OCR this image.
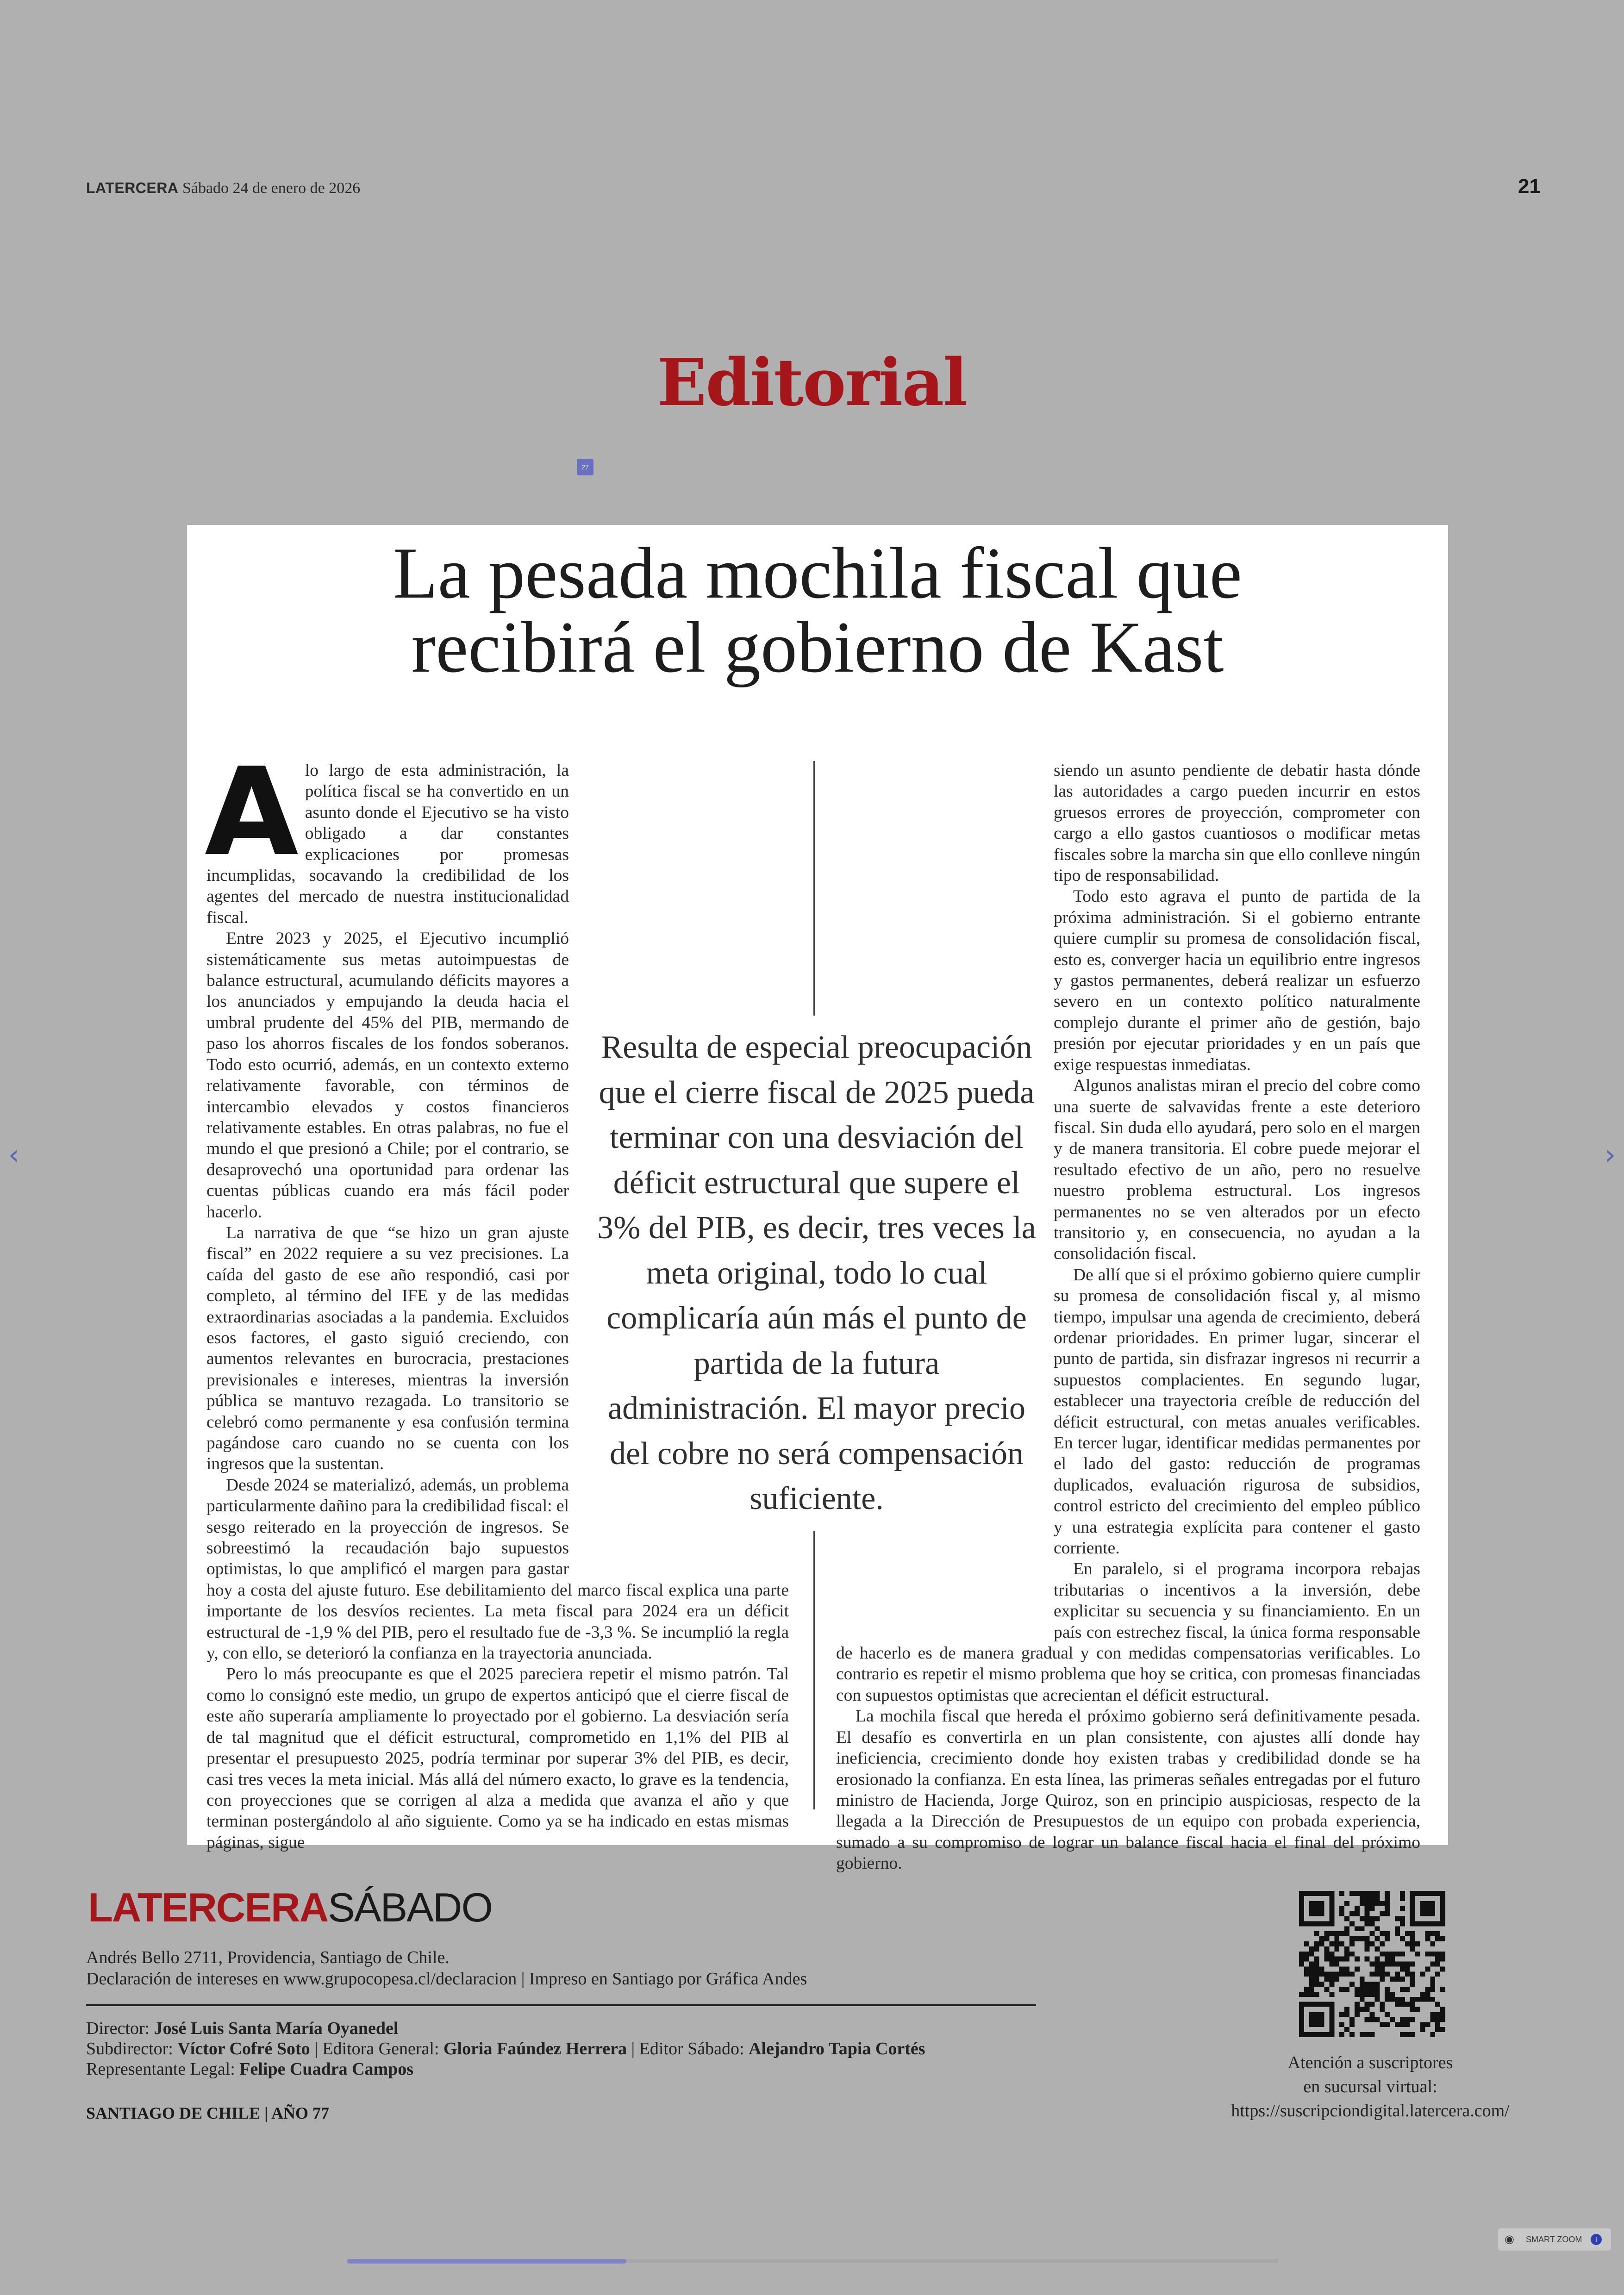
LATERCERA Sábado 24 de enero de 2026	21
Editorial
27
La pesada mochila fiscal que
recibirá el gobierno de Kast

Alo largo de esta administración, la política fiscal se ha convertido en un asunto donde el Ejecutivo se ha visto obligado a dar constantes explicaciones por promesas incumplidas, socavando la credibilidad de los agentes del mercado de nuestra institucionalidad fiscal.

Entre 2023 y 2025, el Ejecutivo incumplió sistemáticamente sus metas autoimpuestas de balance estructural, acumulando déficits mayores a los anunciados y empujando la deuda hacia el umbral prudente del 45% del PIB, mermando de paso los ahorros fiscales de los fondos soberanos. Todo esto ocurrió, además, en un contexto externo relativamente favorable, con términos de intercambio elevados y costos financieros relativamente estables. En otras palabras, no fue el mundo el que presionó a Chile; por el contrario, se desaprovechó una oportunidad para ordenar las cuentas públicas cuando era más fácil poder hacerlo.

La narrativa de que “se hizo un gran ajuste fiscal” en 2022 requiere a su vez precisiones. La caída del gasto de ese año respondió, casi por completo, al término del IFE y de las medidas extraordinarias asociadas a la pandemia. Excluidos esos factores, el gasto siguió creciendo, con aumentos relevantes en burocracia, prestaciones previsionales e intereses, mientras la inversión pública se mantuvo rezagada. Lo transitorio se celebró como permanente y esa confusión termina pagándose caro cuando no se cuenta con los ingresos que la sustentan.

Desde 2024 se materializó, además, un problema particularmente dañino para la credibilidad fiscal: el sesgo reiterado en la proyección de ingresos. Se sobreestimó la recaudación bajo supuestos optimistas, lo que amplificó el margen para gastar hoy a costa del ajuste futuro. Ese debilitamiento del marco fiscal explica una parte importante de los desvíos recientes. La meta fiscal para 2024 era un déficit estructural de -1,9 % del PIB, pero el resultado fue de -3,3 %. Se incumplió la regla y, con ello, se deterioró la confianza en la trayectoria anunciada.

Pero lo más preocupante es que el 2025 pareciera repetir el mismo patrón. Tal como lo consignó este medio, un grupo de expertos anticipó que el cierre fiscal de este año superaría ampliamente lo proyectado por el gobierno. La desviación sería de tal magnitud que el déficit estructural, comprometido en 1,1% del PIB al presentar el presupuesto 2025, podría terminar por superar 3% del PIB, es decir, casi tres veces la meta inicial. Más allá del número exacto, lo grave es la tendencia, con proyecciones que se corrigen al alza a medida que avanza el año y que terminan postergándolo al año siguiente. Como ya se ha indicado en estas mismas páginas, sigue

siendo un asunto pendiente de debatir hasta dónde las autoridades a cargo pueden incurrir en estos gruesos errores de proyección, comprometer con cargo a ello gastos cuantiosos o modificar metas fiscales sobre la marcha sin que ello conlleve ningún tipo de responsabilidad.

Todo esto agrava el punto de partida de la próxima administración. Si el gobierno entrante quiere cumplir su promesa de consolidación fiscal, esto es, converger hacia un equilibrio entre ingresos y gastos permanentes, deberá realizar un esfuerzo severo en un contexto político naturalmente complejo durante el primer año de gestión, bajo presión por ejecutar prioridades y en un país que exige respuestas inmediatas.

Algunos analistas miran el precio del cobre como una suerte de salvavidas frente a este deterioro fiscal. Sin duda ello ayudará, pero solo en el margen y de manera transitoria. El cobre puede mejorar el resultado efectivo de un año, pero no resuelve nuestro problema estructural. Los ingresos permanentes no se ven alterados por un efecto transitorio y, en consecuencia, no ayudan a la consolidación fiscal.

De allí que si el próximo gobierno quiere cumplir su promesa de consolidación fiscal y, al mismo tiempo, impulsar una agenda de crecimiento, deberá ordenar prioridades. En primer lugar, sincerar el punto de partida, sin disfrazar ingresos ni recurrir a supuestos complacientes. En segundo lugar, establecer una trayectoria creíble de reducción del déficit estructural, con metas anuales verificables. En tercer lugar, identificar medidas permanentes por el lado del gasto: reducción de programas duplicados, evaluación rigurosa de subsidios, control estricto del crecimiento del empleo público y una estrategia explícita para contener el gasto corriente.

En paralelo, si el programa incorpora rebajas tributarias o incentivos a la inversión, debe explicitar su secuencia y su financiamiento. En un país con estrechez fiscal, la única forma responsable de hacerlo es de manera gradual y con medidas compensatorias verificables. Lo contrario es repetir el mismo problema que hoy se critica, con promesas financiadas con supuestos optimistas que acrecientan el déficit estructural.

La mochila fiscal que hereda el próximo gobierno será definitivamente pesada. El desafío es convertirla en un plan consistente, con ajustes allí donde hay ineficiencia, crecimiento donde hoy existen trabas y credibilidad donde se ha erosionado la confianza. En esta línea, las primeras señales entregadas por el futuro ministro de Hacienda, Jorge Quiroz, son en principio auspiciosas, respecto de la llegada a la Dirección de Presupuestos de un equipo con probada experiencia, sumado a su compromiso de lograr un balance fiscal hacia el final del próximo gobierno.

Resulta de especial preocupación que el cierre fiscal de 2025 pueda terminar con una desviación del déficit estructural que supere el 3% del PIB, es decir, tres veces la meta original, todo lo cual complicaría aún más el punto de partida de la futura administración. El mayor precio del cobre no será compensación suficiente.
LATERCERASÁBADO
Andrés Bello 2711, Providencia, Santiago de Chile.
Declaración de intereses en www.grupocopesa.cl/declaracion | Impreso en Santiago por Gráfica Andes
Director: José Luis Santa María Oyanedel
Subdirector: Víctor Cofré Soto | Editora General: Gloria Faúndez Herrera | Editor Sábado: Alejandro Tapia Cortés
Representante Legal: Felipe Cuadra Campos
SANTIAGO DE CHILE | AÑO 77
Atención a suscriptores
en sucursal virtual:
https://suscripciondigital.latercera.com/
‹	›
◉ SMART ZOOM	i
